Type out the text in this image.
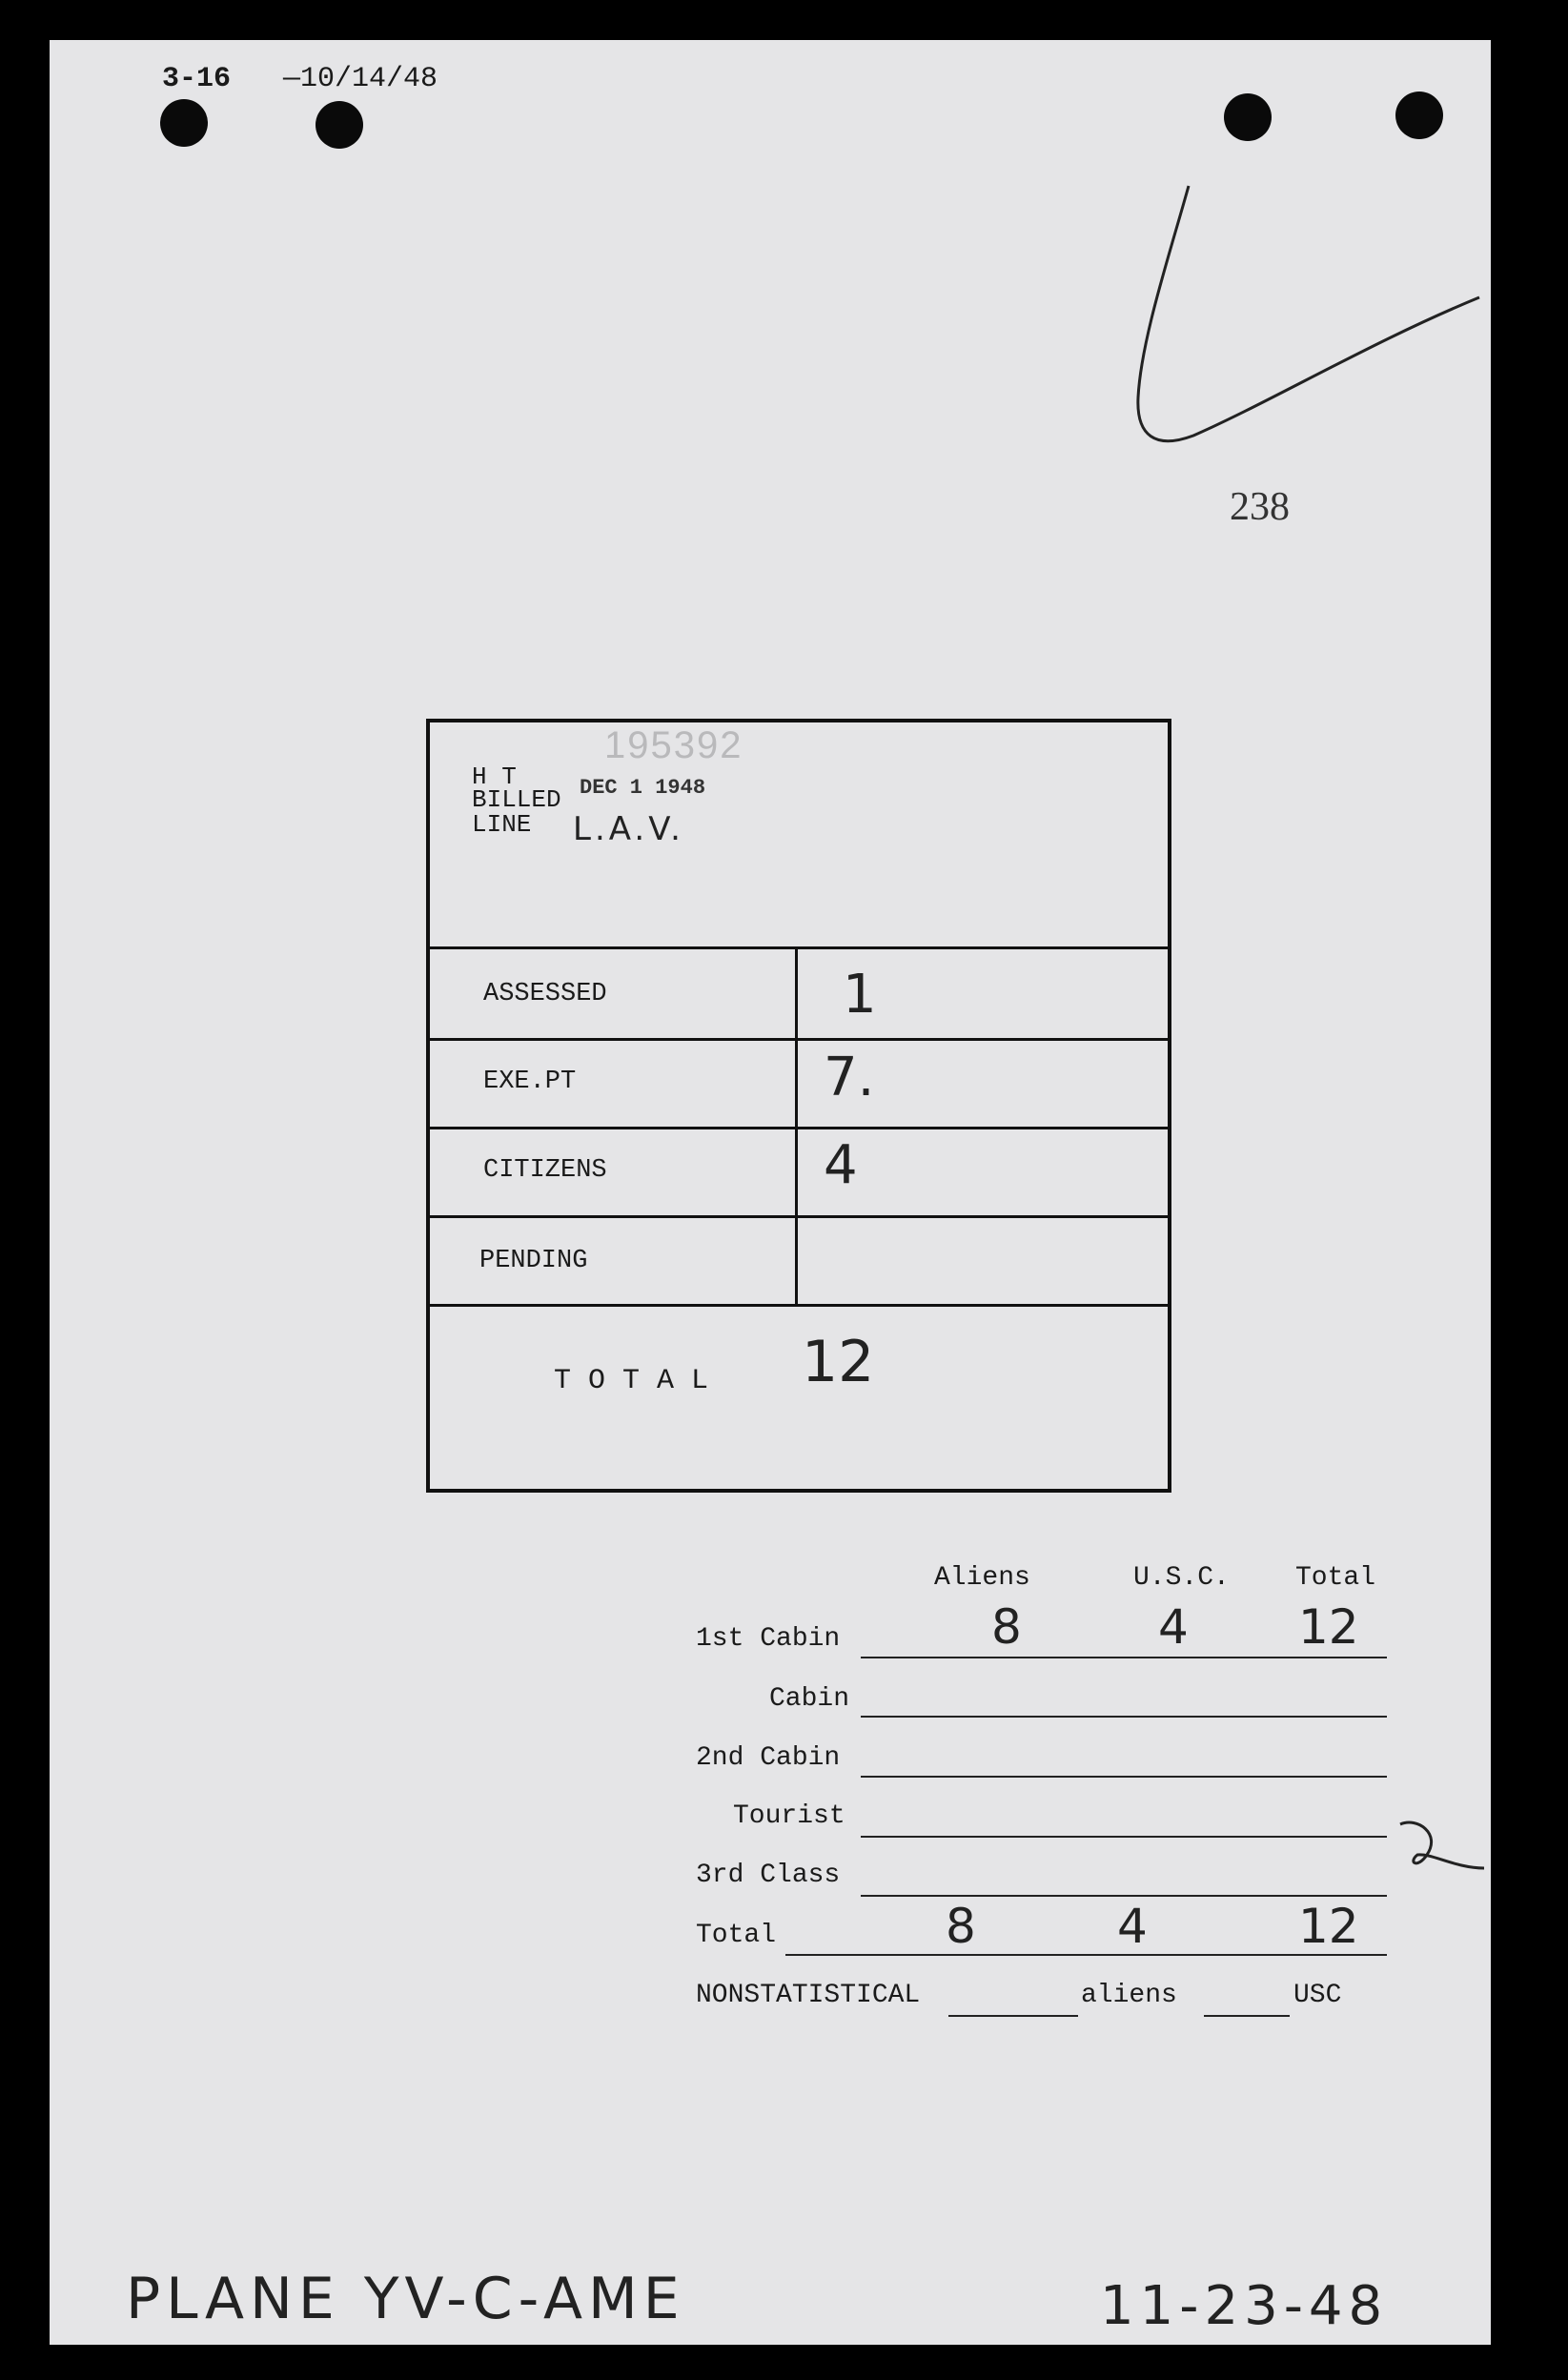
3-16 —10/14/48
238
195392
H T
BILLED DEC 1 1948
LINE L.A.V.
ASSESSED	1
EXE.PT	7.
CITIZENS	4
PENDING
T O T A L 12
Aliens	U.S.C. Total
1st Cabin	8	4 12
Cabin
2nd Cabin
Tourist
3rd Class
Total	8	4	12
NONSTATISTICAL	aliens	USC
PLANE YV-C-AME	11-23-48
